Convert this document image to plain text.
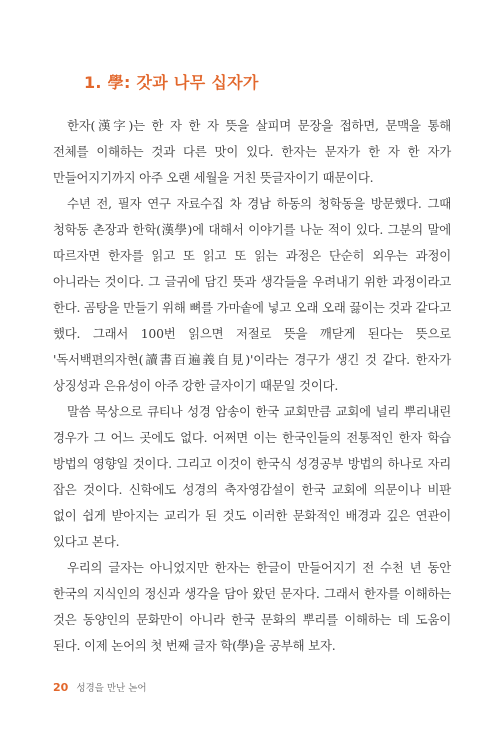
1. 學: 갓과 나무 십자가

한자(漢字)는 한 자 한 자 뜻을 살피며 문장을 접하면, 문맥을 통해 전체를 이해하는 것과 다른 맛이 있다. 한자는 문자가 한 자 한 자가 만들어지기까지 아주 오랜 세월을 거친 뜻글자이기 때문이다.

수년 전, 필자 연구 자료수집 차 경남 하동의 청학동을 방문했다. 그때 청학동 촌장과 한학(漢學)에 대해서 이야기를 나눈 적이 있다. 그분의 말에 따르자면 한자를 읽고 또 읽고 또 읽는 과정은 단순히 외우는 과정이 아니라는 것이다. 그 글귀에 담긴 뜻과 생각들을 우려내기 위한 과정이라고 한다. 곰탕을 만들기 위해 뼈를 가마솥에 넣고 오래 오래 끓이는 것과 같다고 했다. 그래서 100번 읽으면 저절로 뜻을 깨닫게 된다는 뜻으로 '독서백편의자현(讀書百遍義自見)'이라는 경구가 생긴 것 같다. 한자가 상징성과 은유성이 아주 강한 글자이기 때문일 것이다.

말씀 묵상으로 큐티나 성경 암송이 한국 교회만큼 교회에 널리 뿌리내린 경우가 그 어느 곳에도 없다. 어쩌면 이는 한국인들의 전통적인 한자 학습 방법의 영향일 것이다. 그리고 이것이 한국식 성경공부 방법의 하나로 자리 잡은 것이다. 신학에도 성경의 축자영감설이 한국 교회에 의문이나 비판 없이 쉽게 받아지는 교리가 된 것도 이러한 문화적인 배경과 깊은 연관이 있다고 본다.

우리의 글자는 아니었지만 한자는 한글이 만들어지기 전 수천 년 동안 한국의 지식인의 정신과 생각을 담아 왔던 문자다. 그래서 한자를 이해하는 것은 동양인의 문화만이 아니라 한국 문화의 뿌리를 이해하는 데 도움이 된다. 이제 논어의 첫 번째 글자 학(學)을 공부해 보자.

20 성경을 만난 논어
